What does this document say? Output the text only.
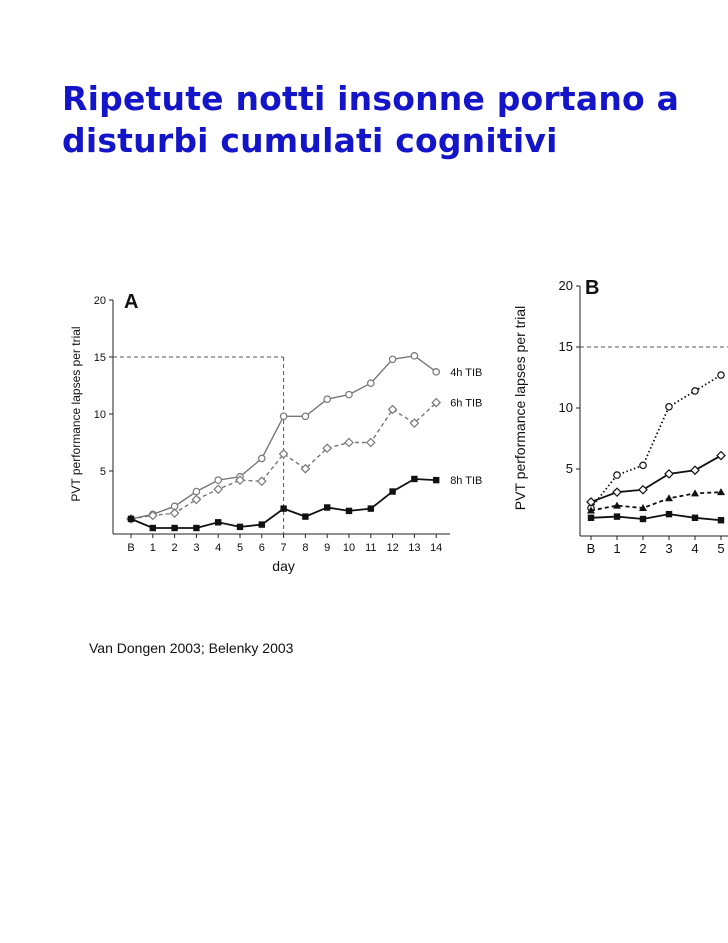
Ripetute notti insonne portano a
disturbi cumulati cognitivi
5
10
15
20
B 1 2 3 4 5 6 7 8 9 10 11 12 13 14
PVT performance lapses per trial
day
A
4h TIB
6h TIB
8h TIB
5
10
15
20
B 1 2 3 4 5
PVT performance lapses per trial
B
Van Dongen 2003; Belenky 2003
